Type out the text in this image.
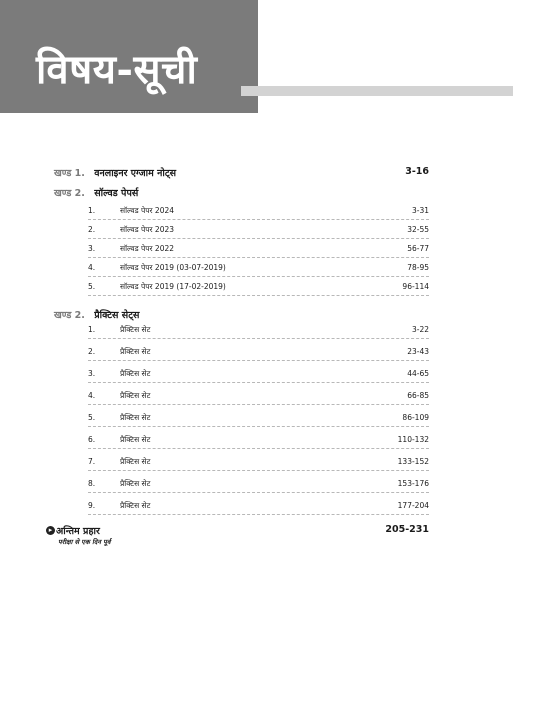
विषय-सूची
खण्ड 1. वनलाइनर एग्जाम नोट्स	3-16
खण्ड 2. सॉल्वड पेपर्स
1.	सॉल्वड पेपर 2024	3-31
2.	सॉल्वड पेपर 2023	32-55
3.	सॉल्वड पेपर 2022	56-77
4.	सॉल्वड पेपर 2019 (03-07-2019)	78-95
5.	सॉल्वड पेपर 2019 (17-02-2019)	96-114
खण्ड 2. प्रैक्टिस सेट्स
1.	प्रैक्टिस सेट	3-22
2.	प्रैक्टिस सेट	23-43
3.	प्रैक्टिस सेट	44-65
4.	प्रैक्टिस सेट	66-85
5.	प्रैक्टिस सेट	86-109
6.	प्रैक्टिस सेट	110-132
7.	प्रैक्टिस सेट	133-152
8.	प्रैक्टिस सेट	153-176
9.	प्रैक्टिस सेट	177-204
▸ अन्तिम प्रहार
परीक्षा से एक दिन पूर्व
205-231
